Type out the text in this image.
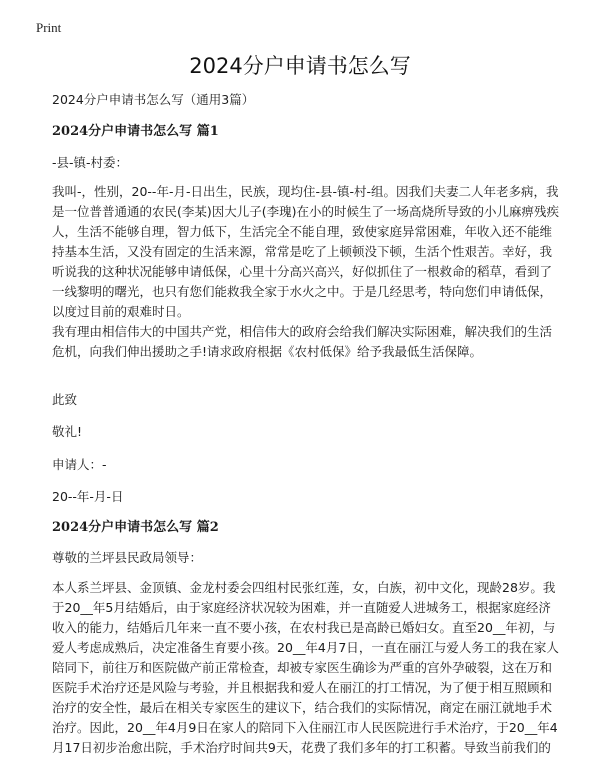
Print
2024分户申请书怎么写

2024分户申请书怎么写（通用3篇）

2024分户申请书怎么写 篇1

-县-镇-村委：

我叫-，性别，20--年-月-日出生，民族，现均住-县-镇-村-组。因我们夫妻二人年老多病，我是一位普普通通的农民(李某)因大儿子(李瑰)在小的时候生了一场高烧所导致的小儿麻痹残疾人，生活不能够自理，智力低下，生活完全不能自理，致使家庭异常困难，年收入还不能维持基本生活，又没有固定的生活来源，常常是吃了上顿顿没下顿，生活个性艰苦。幸好，我听说我的这种状况能够申请低保，心里十分高兴高兴，好似抓住了一根救命的稻草，看到了一线黎明的曙光，也只有您们能救我全家于水火之中。于是几经思考，特向您们申请低保，以度过目前的艰难时日。

我有理由相信伟大的中国共产党，相信伟大的政府会给我们解决实际困难，解决我们的生活危机，向我们伸出援助之手!请求政府根据《农村低保》给予我最低生活保障。

此致

敬礼!

申请人：-

20--年-月-日

2024分户申请书怎么写 篇2

尊敬的兰坪县民政局领导：

本人系兰坪县、金顶镇、金龙村委会四组村民张红莲，女，白族，初中文化，现龄28岁。我于20__年5月结婚后，由于家庭经济状况较为困难，并一直随爱人进城务工，根据家庭经济收入的能力，结婚后几年来一直不要小孩，在农村我已是高龄已婚妇女。直至20__年初，与爱人考虑成熟后，决定准备生育要小孩。20__年4月7日，一直在丽江与爱人务工的我在家人陪同下，前往万和医院做产前正常检查，却被专家医生确诊为严重的宫外孕破裂，这在万和医院手术治疗还是风险与考验，并且根据我和爱人在丽江的打工情况，为了便于相互照顾和治疗的安全性，最后在相关专家医生的建议下，结合我们的实际情况，商定在丽江就地手术治疗。因此，20__年4月9日在家人的陪同下入住丽江市人民医院进行手术治疗，于20__年4月17日初步治愈出院，手术治疗时间共9天，花费了我们多年的打工积蓄。导致当前我们的
